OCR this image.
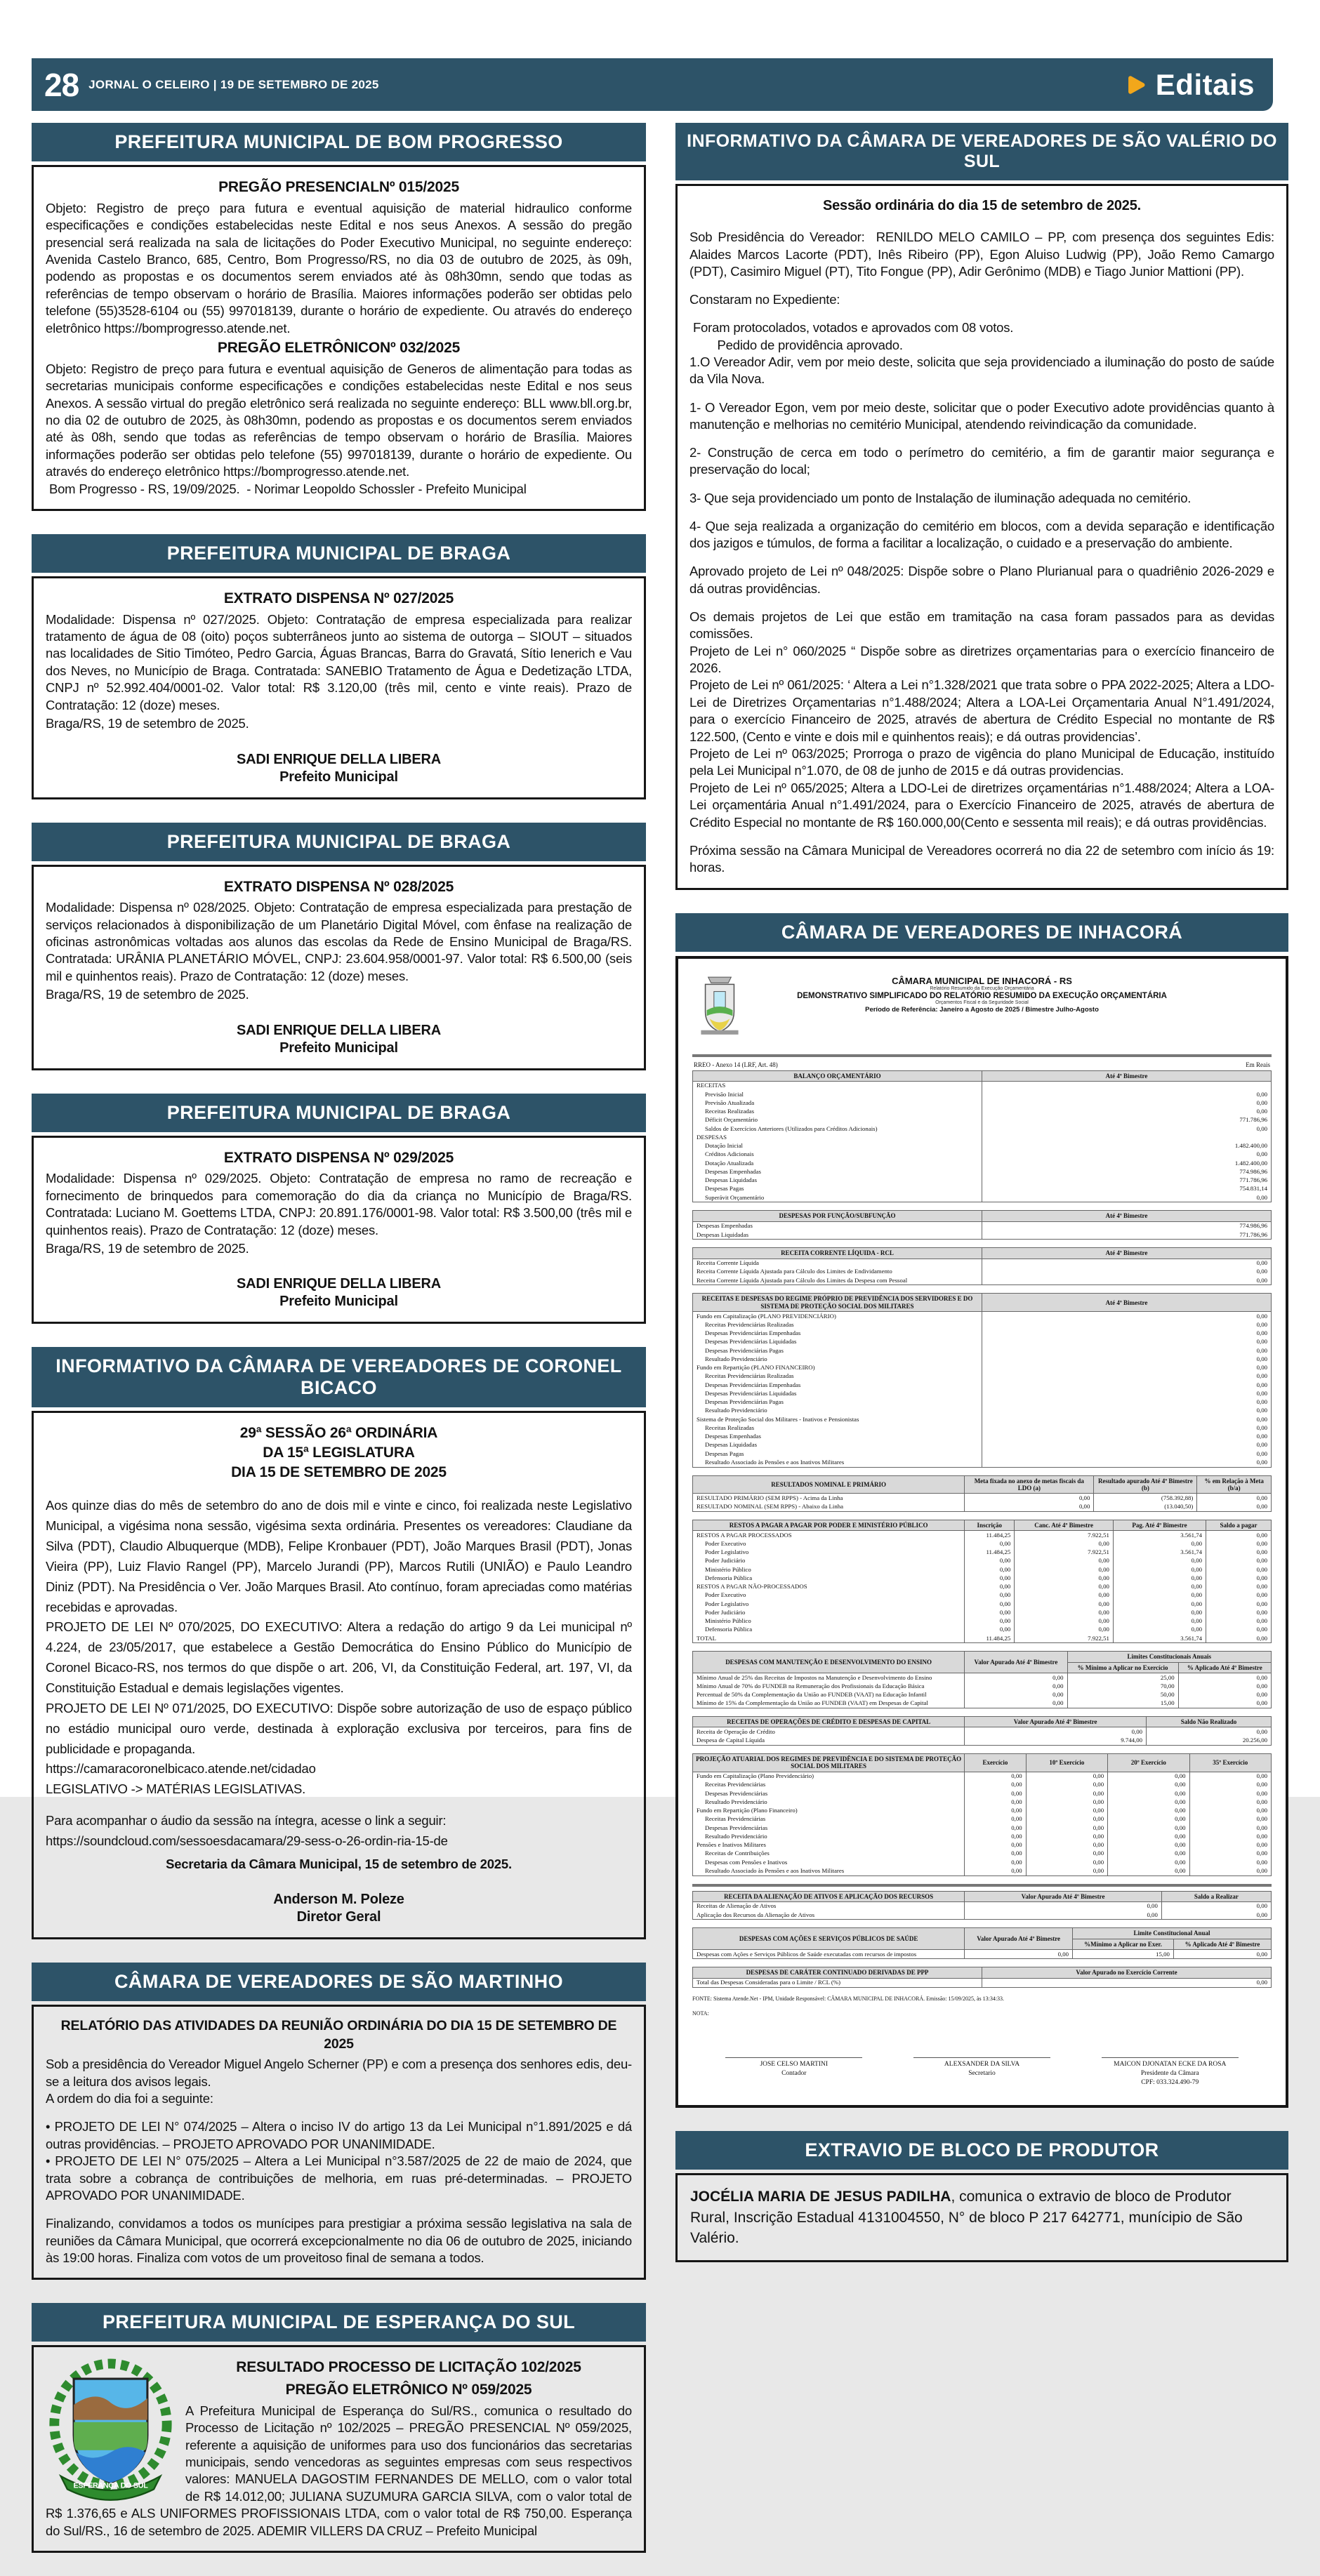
28 JORNAL O CELEIRO | 19 DE SETEMBRO DE 2025	Editais
PREFEITURA MUNICIPAL DE BOM PROGRESSO
PREGÃO PRESENCIALNº 015/2025
Objeto: Registro de preço para futura e eventual aquisição de material hidraulico conforme especificações e condições estabelecidas neste Edital e nos seus Anexos. A sessão do pregão presencial será realizada na sala de licitações do Poder Executivo Municipal, no seguinte endereço: Avenida Castelo Branco, 685, Centro, Bom Progresso/RS, no dia 03 de outubro de 2025, às 09h, podendo as propostas e os documentos serem enviados até às 08h30mn, sendo que todas as referências de tempo observam o horário de Brasília. Maiores informações poderão ser obtidas pelo telefone (55)3528-6104 ou (55) 997018139, durante o horário de expediente. Ou através do endereço eletrônico https://bomprogresso.atende.net.
PREGÃO ELETRÔNICONº 032/2025
Objeto: Registro de preço para futura e eventual aquisição de Generos de alimentação para todas as secretarias municipais conforme especificações e condições estabelecidas neste Edital e nos seus Anexos. A sessão virtual do pregão eletrônico será realizada no seguinte endereço: BLL www.bll.org.br, no dia 02 de outubro de 2025, às 08h30mn, podendo as propostas e os documentos serem enviados até às 08h, sendo que todas as referências de tempo observam o horário de Brasília. Maiores informações poderão ser obtidas pelo telefone (55) 997018139, durante o horário de expediente. Ou através do endereço eletrônico https://bomprogresso.atende.net.
Bom Progresso - RS, 19/09/2025.  - Norimar Leopoldo Schossler - Prefeito Municipal
PREFEITURA MUNICIPAL DE BRAGA
EXTRATO DISPENSA Nº 027/2025
Modalidade: Dispensa nº 027/2025. Objeto: Contratação de empresa especializada para realizar tratamento de água de 08 (oito) poços subterrâneos junto ao sistema de outorga – SIOUT – situados nas localidades de Sitio Timóteo, Pedro Garcia, Águas Brancas, Barra do Gravatá, Sítio Ienerich e Vau dos Neves, no Município de Braga. Contratada: SANEBIO Tratamento de Água e Dedetização LTDA, CNPJ nº 52.992.404/0001-02. Valor total: R$ 3.120,00 (três mil, cento e vinte reais). Prazo de Contratação: 12 (doze) meses.
Braga/RS, 19 de setembro de 2025.
SADI ENRIQUE DELLA LIBERA
Prefeito Municipal
PREFEITURA MUNICIPAL DE BRAGA
EXTRATO DISPENSA Nº 028/2025
Modalidade: Dispensa nº 028/2025. Objeto: Contratação de empresa especializada para prestação de serviços relacionados à disponibilização de um Planetário Digital Móvel, com ênfase na realização de oficinas astronômicas voltadas aos alunos das escolas da Rede de Ensino Municipal de Braga/RS. Contratada: URÂNIA PLANETÁRIO MÓVEL, CNPJ: 23.604.958/0001-97. Valor total: R$ 6.500,00 (seis mil e quinhentos reais). Prazo de Contratação: 12 (doze) meses.
Braga/RS, 19 de setembro de 2025.
SADI ENRIQUE DELLA LIBERA
Prefeito Municipal
PREFEITURA MUNICIPAL DE BRAGA
EXTRATO DISPENSA Nº 029/2025
Modalidade: Dispensa nº 029/2025. Objeto: Contratação de empresa no ramo de recreação e fornecimento de brinquedos para comemoração do dia da criança no Município de Braga/RS. Contratada: Luciano M. Goettems LTDA, CNPJ: 20.891.176/0001-98. Valor total: R$ 3.500,00 (três mil e quinhentos reais). Prazo de Contratação: 12 (doze) meses.
Braga/RS, 19 de setembro de 2025.
SADI ENRIQUE DELLA LIBERA
Prefeito Municipal
INFORMATIVO DA CÂMARA DE VEREADORES DE CORONEL BICACO
29ª SESSÃO 26ª ORDINÁRIA
DA 15ª LEGISLATURA
DIA 15 DE SETEMBRO DE 2025
Aos quinze dias do mês de setembro do ano de dois mil e vinte e cinco, foi realizada neste Legislativo Municipal, a vigésima nona sessão, vigésima sexta ordinária. Presentes os vereadores: Claudiane da Silva (PDT), Claudio Albuquerque (MDB), Felipe Kronbauer (PDT), João Marques Brasil (PDT), Jonas Vieira (PP), Luiz Flavio Rangel (PP), Marcelo Jurandi (PP), Marcos Rutili (UNIÃO) e Paulo Leandro Diniz (PDT). Na Presidência o Ver. João Marques Brasil. Ato contínuo, foram apreciadas como matérias recebidas e aprovadas.
PROJETO DE LEI Nº 070/2025, DO EXECUTIVO: Altera a redação do artigo 9 da Lei municipal nº 4.224, de 23/05/2017, que estabelece a Gestão Democrática do Ensino Público do Município de Coronel Bicaco-RS, nos termos do que dispõe o art. 206, VI, da Constituição Federal, art. 197, VI, da Constituição Estadual e demais legislações vigentes.
PROJETO DE LEI Nº 071/2025, DO EXECUTIVO: Dispõe sobre autorização de uso de espaço público no estádio municipal ouro verde, destinada à exploração exclusiva por terceiros, para fins de publicidade e propaganda.
https://camaracoronelbicaco.atende.net/cidadao
LEGISLATIVO -> MATÉRIAS LEGISLATIVAS.
Para acompanhar o áudio da sessão na íntegra, acesse o link a seguir:
https://soundcloud.com/sessoesdacamara/29-sess-o-26-ordin-ria-15-de
Secretaria da Câmara Municipal, 15 de setembro de 2025.
Anderson M. Poleze
Diretor Geral
CÂMARA DE VEREADORES DE SÃO MARTINHO
RELATÓRIO DAS ATIVIDADES DA REUNIÃO ORDINÁRIA DO DIA 15 DE SETEMBRO DE 2025
Sob a presidência do Vereador Miguel Angelo Scherner (PP) e com a presença dos senhores edis, deu-se a leitura dos avisos legais.
A ordem do dia foi a seguinte:
• PROJETO DE LEI N° 074/2025 – Altera o inciso IV do artigo 13 da Lei Municipal n°1.891/2025 e dá outras providências. – PROJETO APROVADO POR UNANIMIDADE.
• PROJETO DE LEI N° 075/2025 – Altera a Lei Municipal n°3.587/2025 de 22 de maio de 2024, que trata sobre a cobrança de contribuições de melhoria, em ruas pré-determinadas. – PROJETO APROVADO POR UNANIMIDADE.
Finalizando, convidamos a todos os munícipes para prestigiar a próxima sessão legislativa na sala de reuniões da Câmara Municipal, que ocorrerá excepcionalmente no dia 06 de outubro de 2025, iniciando às 19:00 horas. Finaliza com votos de um proveitoso final de semana a todos.
PREFEITURA MUNICIPAL DE ESPERANÇA DO SUL
ESPERANÇA DO SUL
RESULTADO PROCESSO DE LICITAÇÃO 102/2025
PREGÃO ELETRÔNICO Nº 059/2025
A Prefeitura Municipal de Esperança do Sul/RS., comunica o resultado do Processo de Licitação nº 102/2025 – PREGÃO PRESENCIAL Nº 059/2025, referente a aquisição de uniformes para uso dos funcionários das secretarias municipais, sendo vencedoras as seguintes empresas com seus respectivos valores: MANUELA DAGOSTIM FERNANDES DE MELLO, com o valor total de R$ 14.012,00; JULIANA SUZUMURA GARCIA SILVA, com o valor total de R$ 1.376,65 e ALS UNIFORMES PROFISSIONAIS LTDA, com o valor total de R$ 750,00. Esperança do Sul/RS., 16 de setembro de 2025. ADEMIR VILLERS DA CRUZ – Prefeito Municipal
INFORMATIVO DA CÂMARA DE VEREADORES DE SÃO VALÉRIO DO SUL
Sessão ordinária do dia 15 de setembro de 2025.
Sob Presidência do Vereador:  RENILDO MELO CAMILO – PP, com presença dos seguintes Edis: Alaides Marcos Lacorte (PDT), Inês Ribeiro (PP), Egon Aluiso Ludwig (PP), João Remo Camargo (PDT), Casimiro Miguel (PT), Tito Fongue (PP), Adir Gerônimo (MDB) e Tiago Junior Mattioni (PP).
Constaram no Expediente:
Foram protocolados, votados e aprovados com 08 votos.
Pedido de providência aprovado.
1.O Vereador Adir, vem por meio deste, solicita que seja providenciado a iluminação do posto de saúde da Vila Nova.
1- O Vereador Egon, vem por meio deste, solicitar que o poder Executivo adote providências quanto à manutenção e melhorias no cemitério Municipal, atendendo reivindicação da comunidade.
2- Construção de cerca em todo o perímetro do cemitério, a fim de garantir maior segurança e preservação do local;
3- Que seja providenciado um ponto de Instalação de iluminação adequada no cemitério.
4- Que seja realizada a organização do cemitério em blocos, com a devida separação e identificação dos jazigos e túmulos, de forma a facilitar a localização, o cuidado e a preservação do ambiente.
Aprovado projeto de Lei nº 048/2025: Dispõe sobre o Plano Plurianual para o quadriênio 2026-2029 e dá outras providências.
Os demais projetos de Lei que estão em tramitação na casa foram passados para as devidas comissões.
Projeto de Lei n° 060/2025 “ Dispõe sobre as diretrizes orçamentarias para o exercício financeiro de 2026.
Projeto de Lei nº 061/2025: ‘ Altera a Lei n°1.328/2021 que trata sobre o PPA 2022-2025; Altera a LDO-Lei de Diretrizes Orçamentarias n°1.488/2024; Altera a LOA-Lei Orçamentaria Anual N°1.491/2024, para o exercício Financeiro de 2025, através de abertura de Crédito Especial no montante de R$ 122.500, (Cento e vinte e dois mil e quinhentos reais); e dá outras providencias’.
Projeto de Lei nº 063/2025; Prorroga o prazo de vigência do plano Municipal de Educação, instituído pela Lei Municipal n°1.070, de 08 de junho de 2015 e dá outras providencias.
Projeto de Lei nº 065/2025; Altera a LDO-Lei de diretrizes orçamentárias n°1.488/2024; Altera a LOA-Lei orçamentária Anual n°1.491/2024, para o Exercício Financeiro de 2025, através de abertura de Crédito Especial no montante de R$ 160.000,00(Cento e sessenta mil reais); e dá outras providências.
Próxima sessão na Câmara Municipal de Vereadores ocorrerá no dia 22 de setembro com início ás 19: horas.
CÂMARA DE VEREADORES DE INHACORÁ
CÂMARA MUNICIPAL DE INHACORÁ - RS
Relatório Resumido da Execução Orçamentária
DEMONSTRATIVO SIMPLIFICADO DO RELATÓRIO RESUMIDO DA EXECUÇÃO ORÇAMENTÁRIA
Orçamentos Fiscal e da Seguridade Social
Período de Referência: Janeiro a Agosto de 2025 / Bimestre Julho-Agosto
RREO - Anexo 14 (LRF, Art. 48)	Em Reais
BALANÇO ORÇAMENTÁRIO	Até 4º Bimestre
RECEITAS	
Previsão Inicial	0,00
Previsão Atualizada	0,00
Receitas Realizadas	0,00
Déficit Orçamentário	771.786,96
Saldos de Exercícios Anteriores (Utilizados para Créditos Adicionais)	0,00
DESPESAS	
Dotação Inicial	1.482.400,00
Créditos Adicionais	0,00
Dotação Atualizada	1.482.400,00
Despesas Empenhadas	774.986,96
Despesas Liquidadas	771.786,96
Despesas Pagas	754.831,14
Superávit Orçamentário	0,00
DESPESAS POR FUNÇÃO/SUBFUNÇÃO	Até 4º Bimestre
Despesas Empenhadas	774.986,96
Despesas Liquidadas	771.786,96
RECEITA CORRENTE LÍQUIDA - RCL	Até 4º Bimestre
Receita Corrente Líquida	0,00
Receita Corrente Líquida Ajustada para Cálculo dos Limites de Endividamento	0,00
Receita Corrente Líquida Ajustada para Cálculo dos Limites da Despesa com Pessoal	0,00
RECEITAS E DESPESAS DO REGIME PRÓPRIO DE PREVIDÊNCIA DOS SERVIDORES E DO SISTEMA DE PROTEÇÃO SOCIAL DOS MILITARES	Até 4º Bimestre
Fundo em Capitalização (PLANO PREVIDENCIÁRIO)	0,00
Receitas Previdenciárias Realizadas	0,00
Despesas Previdenciárias Empenhadas	0,00
Despesas Previdenciárias Liquidadas	0,00
Despesas Previdenciárias Pagas	0,00
Resultado Previdenciário	0,00
Fundo em Repartição (PLANO FINANCEIRO)	0,00
Receitas Previdenciárias Realizadas	0,00
Despesas Previdenciárias Empenhadas	0,00
Despesas Previdenciárias Liquidadas	0,00
Despesas Previdenciárias Pagas	0,00
Resultado Previdenciário	0,00
Sistema de Proteção Social dos Militares - Inativos e Pensionistas	0,00
Receitas Realizadas	0,00
Despesas Empenhadas	0,00
Despesas Liquidadas	0,00
Despesas Pagas	0,00
Resultado Associado às Pensões e aos Inativos Militares	0,00
RESULTADOS NOMINAL E PRIMÁRIO	Meta fixada no anexo de metas fiscais da LDO (a)	Resultado apurado Até 4º Bimestre (b)	% em Relação à Meta (b/a)
RESULTADO PRIMÁRIO (SEM RPPS) - Acima da Linha	0,00	(758.392,88)	0,00
RESULTADO NOMINAL (SEM RPPS) - Abaixo da Linha	0,00	(13.040,50)	0,00
RESTOS A PAGAR A PAGAR POR PODER E MINISTÉRIO PÚBLICO	Inscrição	Canc. Até 4º Bimestre	Pag. Até 4º Bimestre	Saldo a pagar
RESTOS A PAGAR PROCESSADOS	11.484,25	7.922,51	3.561,74	0,00
Poder Executivo	0,00	0,00	0,00	0,00
Poder Legislativo	11.484,25	7.922,51	3.561,74	0,00
Poder Judiciário	0,00	0,00	0,00	0,00
Ministério Público	0,00	0,00	0,00	0,00
Defensoria Pública	0,00	0,00	0,00	0,00
RESTOS A PAGAR NÃO-PROCESSADOS	0,00	0,00	0,00	0,00
Poder Executivo	0,00	0,00	0,00	0,00
Poder Legislativo	0,00	0,00	0,00	0,00
Poder Judiciário	0,00	0,00	0,00	0,00
Ministério Público	0,00	0,00	0,00	0,00
Defensoria Pública	0,00	0,00	0,00	0,00
TOTAL	11.484,25	7.922,51	3.561,74	0,00
DESPESAS COM MANUTENÇÃO E DESENVOLVIMENTO DO ENSINO	Valor Apurado Até 4º Bimestre	Limites Constitucionais Anuais	
		% Mínimo a Aplicar no Exercício	% Aplicado Até 4º Bimestre
Mínimo Anual de 25% das Receitas de Impostos na Manutenção e Desenvolvimento do Ensino	0,00	25,00	0,00
Mínimo Anual de 70% do FUNDEB na Remuneração dos Profissionais da Educação Básica	0,00	70,00	0,00
Percentual de 50% da Complementação da União ao FUNDEB (VAAT) na Educação Infantil	0,00	50,00	0,00
Mínimo de 15% da Complementação da União ao FUNDEB (VAAT) em Despesas de Capital	0,00	15,00	0,00
RECEITAS DE OPERAÇÕES DE CRÉDITO E DESPESAS DE CAPITAL	Valor Apurado Até 4º Bimestre	Saldo Não Realizado
Receita de Operação de Crédito	0,00	0,00
Despesa de Capital Líquida	9.744,00	20.256,00
PROJEÇÃO ATUARIAL DOS REGIMES DE PREVIDÊNCIA E DO SISTEMA DE PROTEÇÃO SOCIAL DOS MILITARES	Exercício	10º Exercício	20º Exercício	35º Exercício
Fundo em Capitalização (Plano Previdenciário)	0,00	0,00	0,00	0,00
Receitas Previdenciárias	0,00	0,00	0,00	0,00
Despesas Previdenciárias	0,00	0,00	0,00	0,00
Resultado Previdenciário	0,00	0,00	0,00	0,00
Fundo em Repartição (Plano Financeiro)	0,00	0,00	0,00	0,00
Receitas Previdenciárias	0,00	0,00	0,00	0,00
Despesas Previdenciárias	0,00	0,00	0,00	0,00
Resultado Previdenciário	0,00	0,00	0,00	0,00
Pensões e Inativos Militares	0,00	0,00	0,00	0,00
Receitas de Contribuições	0,00	0,00	0,00	0,00
Despesas com Pensões e Inativos	0,00	0,00	0,00	0,00
Resultado Associado às Pensões e aos Inativos Militares	0,00	0,00	0,00	0,00
RECEITA DA ALIENAÇÃO DE ATIVOS E APLICAÇÃO DOS RECURSOS	Valor Apurado Até 4º Bimestre	Saldo a Realizar
Receitas de Alienação de Ativos	0,00	0,00
Aplicação dos Recursos da Alienação de Ativos	0,00	0,00
DESPESAS COM AÇÕES E SERVIÇOS PÚBLICOS DE SAÚDE	Valor Apurado Até 4º Bimestre	Limite Constitucional Anual	
		%Mínimo a Aplicar no Exer.	% Aplicado Até 4º Bimestre
Despesas com Ações e Serviços Públicos de Saúde executadas com recursos de impostos	0,00	15,00	0,00
DESPESAS DE CARÁTER CONTINUADO DERIVADAS DE PPP	Valor Apurado no Exercício Corrente
Total das Despesas Consideradas para o Limite / RCL (%)	0,00
FONTE: Sistema Atende.Net - IPM, Unidade Responsável: CÂMARA MUNICIPAL DE INHACORÁ. Emissão: 15/09/2025, às 13:34:33.
NOTA:
JOSE CELSO MARTINI
Contador
ALEXSANDER DA SILVA
Secretario
MAICON DJONATAN ECKE DA ROSA
Presidente da Câmara
CPF: 033.324.490-79
EXTRAVIO DE BLOCO DE PRODUTOR
JOCÉLIA MARIA DE JESUS PADILHA, comunica o extravio de bloco de Produtor Rural, Inscrição Estadual 4131004550, N° de bloco P 217 642771, munícipio de São Valério.
